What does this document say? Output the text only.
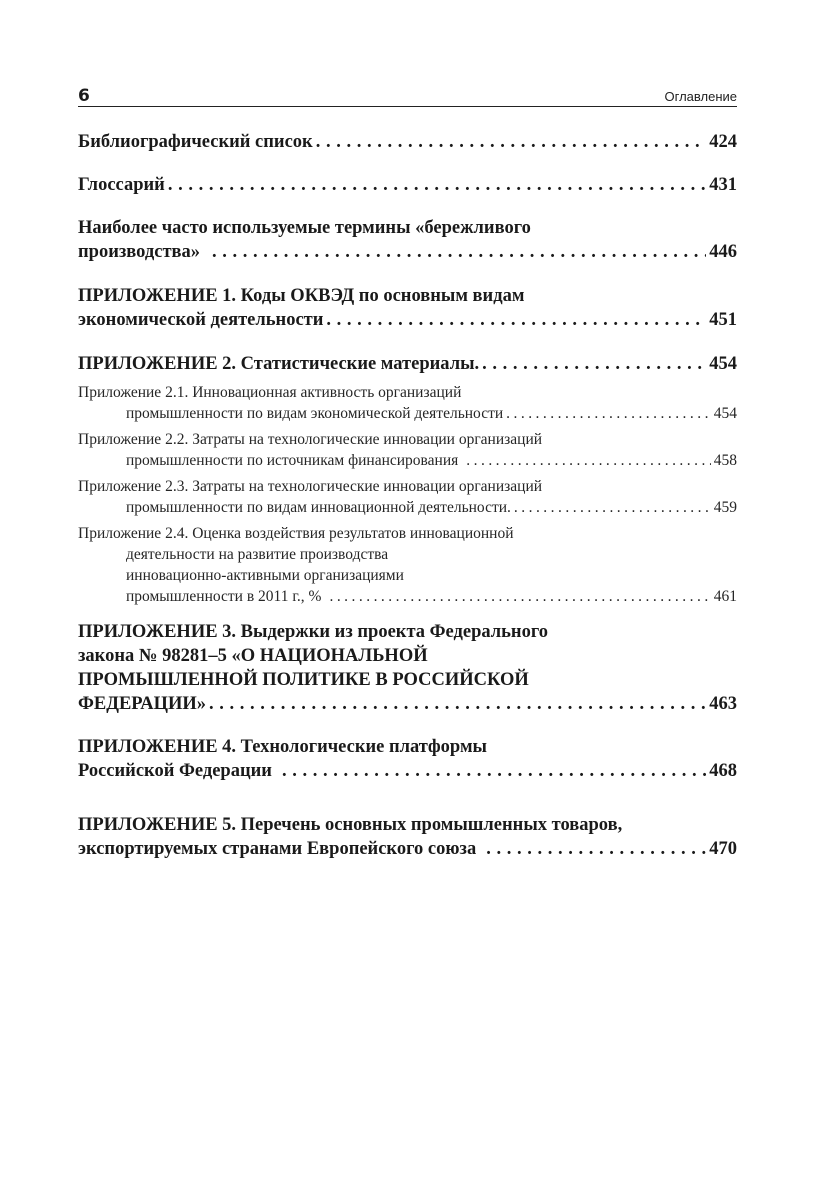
6	Оглавление
Библиографический список . . .	424
Глоссарий . . .	431
Наиболее часто используемые термины «бережливого
производства» . . .	446
ПРИЛОЖЕНИЕ 1. Коды ОКВЭД по основным видам
экономической деятельности . . .	451
ПРИЛОЖЕНИЕ 2. Статистические материалы. . . .	454
Приложение 2.1. Инновационная активность организаций
промышленности по видам экономической деятельности . . .	454
Приложение 2.2. Затраты на технологические инновации организаций
промышленности по источникам финансирования . . .	458
Приложение 2.3. Затраты на технологические инновации организаций
промышленности по видам инновационной деятельности. . . .	459
Приложение 2.4. Оценка воздействия результатов инновационной
деятельности на развитие производства
инновационно-активными организациями
промышленности в 2011 г., % . . .	461
ПРИЛОЖЕНИЕ 3. Выдержки из проекта Федерального
закона № 98281–5 «О НАЦИОНАЛЬНОЙ
ПРОМЫШЛЕННОЙ ПОЛИТИКЕ В РОССИЙСКОЙ
ФЕДЕРАЦИИ» . . .	463
ПРИЛОЖЕНИЕ 4. Технологические платформы
Российской Федерации . . .	468
ПРИЛОЖЕНИЕ 5. Перечень основных промышленных товаров,
экспортируемых странами Европейского союза . . .	470
